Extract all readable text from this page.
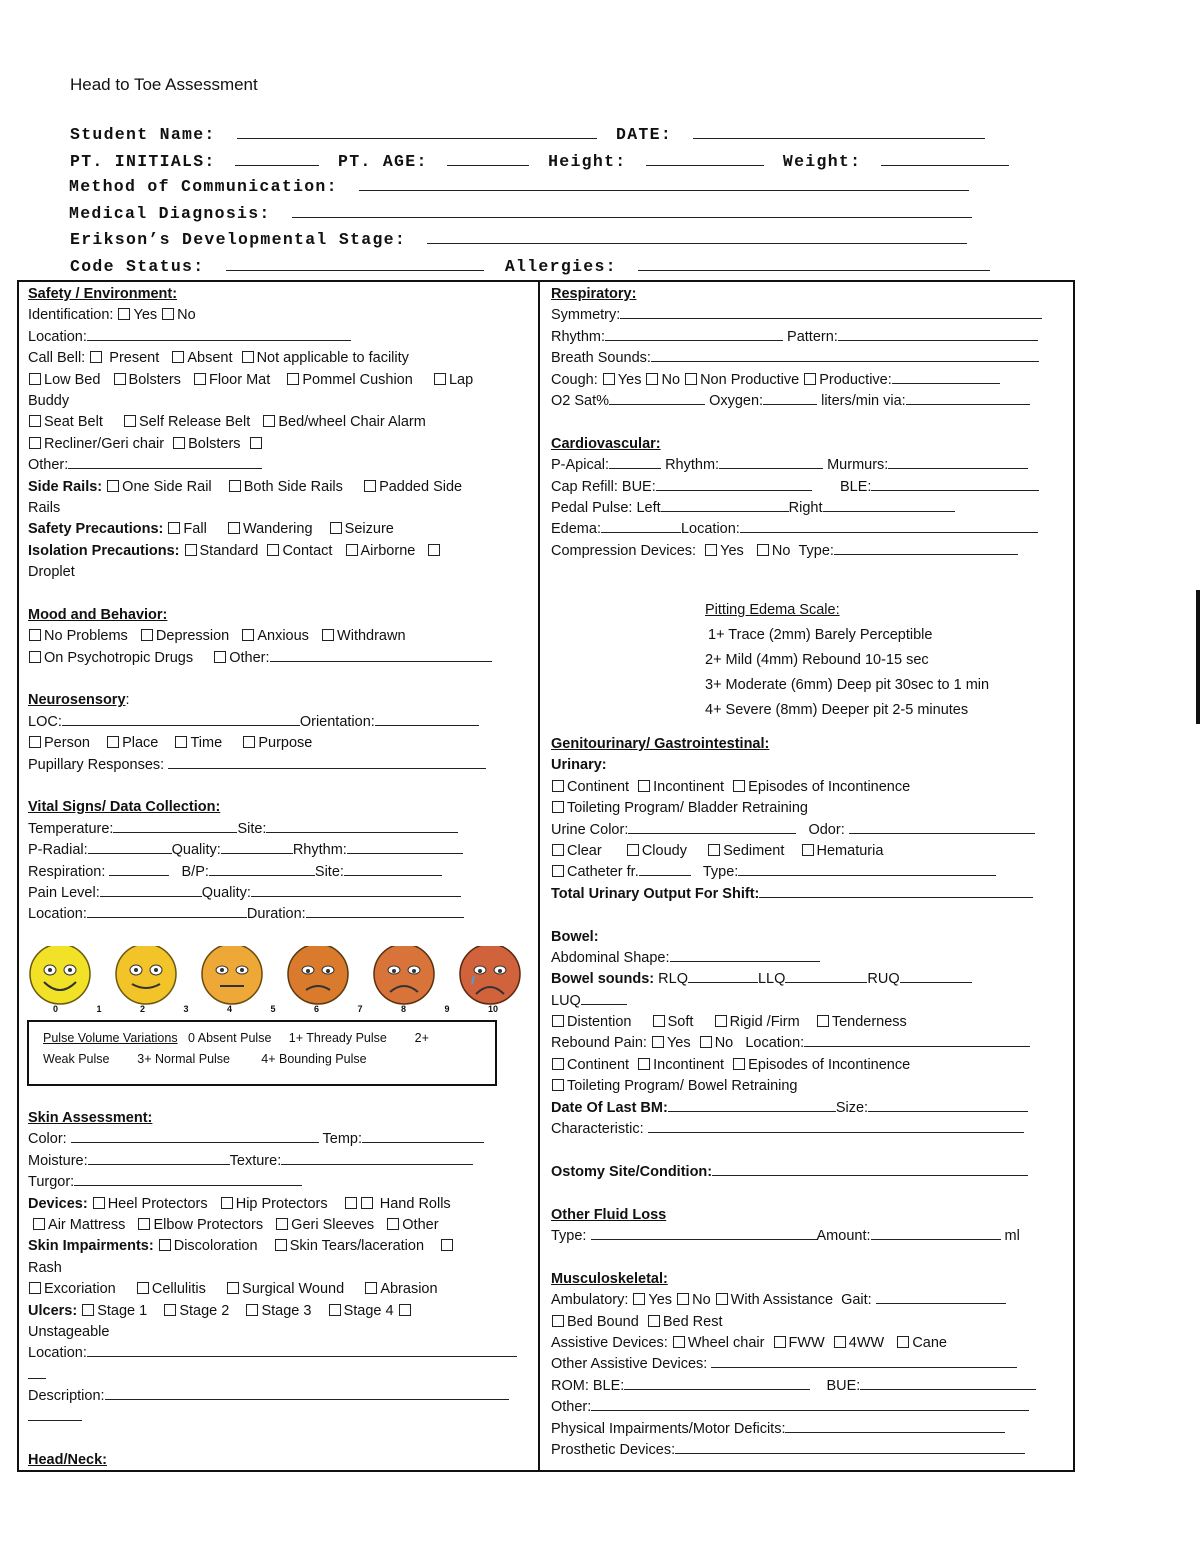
Head to Toe Assessment
Student Name:	DATE:
PT. INITIALS:	PT. AGE:	Height:	Weight:
Method of Communication:
Medical Diagnosis:
Erikson’s Developmental Stage:
Code Status:	Allergies:
Safety / Environment:
Identification: Yes No
Location:
Call Bell: Present Absent Not applicable to facility
Low Bed Bolsters Floor Mat Pommel Cushion Lap
Buddy
Seat Belt Self Release Belt Bed/wheel Chair Alarm
Recliner/Geri chair Bolsters
Other:
Side Rails: One Side Rail Both Side Rails Padded Side
Rails
Safety Precautions: Fall Wandering Seizure
Isolation Precautions: Standard Contact Airborne
Droplet
Mood and Behavior:
No Problems Depression Anxious Withdrawn
On Psychotropic Drugs Other:
Neurosensory:
LOC:	Orientation:
Person Place Time Purpose
Pupillary Responses:
Vital Signs/ Data Collection:
Temperature:	Site:
P-Radial:	Quality:	Rhythm:
Respiration:	B/P:	Site:
Pain Level:	Quality:
Location:	Duration:
0	1	2	3	4	5	6	7	8	9	10
Pulse Volume Variations 0 Absent Pulse     1+ Thready Pulse        2+
Weak Pulse        3+ Normal Pulse         4+ Bounding Pulse
Skin Assessment:
Color:	Temp:
Moisture:	Texture:
Turgor:
Devices: Heel Protectors Hip Protectors	Hand Rolls
Air Mattress Elbow Protectors Geri Sleeves Other
Skin Impairments: Discoloration Skin Tears/laceration
Rash
Excoriation Cellulitis Surgical Wound Abrasion
Ulcers: Stage 1 Stage 2 Stage 3 Stage 4
Unstageable
Location:
Description:
Head/Neck:
Respiratory:
Symmetry:
Rhythm:	Pattern:
Breath Sounds:
Cough: Yes No Non Productive Productive:
O2 Sat%	Oxygen:	liters/min via:
Cardiovascular:
P-Apical:	Rhythm:	Murmurs:
Cap Refill: BUE:	BLE:
Pedal Pulse: Left	Right
Edema:	Location:
Compression Devices: Yes No Type:
Pitting Edema Scale:
1+ Trace (2mm) Barely Perceptible
2+ Mild (4mm) Rebound 10-15 sec
3+ Moderate (6mm) Deep pit 30sec to 1 min
4+ Severe (8mm) Deeper pit 2-5 minutes
Genitourinary/ Gastrointestinal:
Urinary:
Continent Incontinent Episodes of Incontinence
Toileting Program/ Bladder Retraining
Urine Color:	Odor:
Clear	Cloudy Sediment Hematuria
Catheter fr.	Type:
Total Urinary Output For Shift:
Bowel:
Abdominal Shape:
Bowel sounds: RLQ	LLQ	RUQ
LUQ
Distention Soft Rigid /Firm Tenderness
Rebound Pain: Yes No Location:
Continent Incontinent Episodes of Incontinence
Toileting Program/ Bowel Retraining
Date Of Last BM:	Size:
Characteristic:
Ostomy Site/Condition:
Other Fluid Loss
Type:	Amount:	ml
Musculoskeletal:
Ambulatory: Yes No With Assistance Gait:
Bed Bound Bed Rest
Assistive Devices: Wheel chair FWW 4WW Cane
Other Assistive Devices:
ROM: BLE:	BUE:
Other:
Physical Impairments/Motor Deficits:
Prosthetic Devices:
